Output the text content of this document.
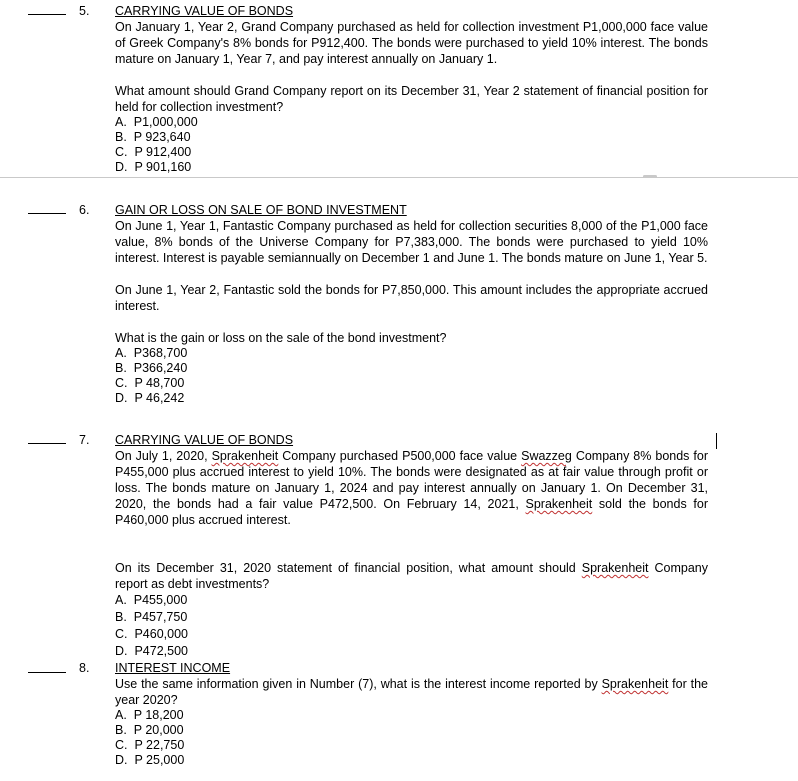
5. CARRYING VALUE OF BONDS
On January 1, Year 2, Grand Company purchased as held for collection investment P1,000,000 face value of Greek Company's 8% bonds for P912,400. The bonds were purchased to yield 10% interest. The bonds mature on January 1, Year 7, and pay interest annually on January 1.
What amount should Grand Company report on its December 31, Year 2 statement of financial position for held for collection investment?
A. P1,000,000
B. P 923,640
C. P 912,400
D. P 901,160
6. GAIN OR LOSS ON SALE OF BOND INVESTMENT
On June 1, Year 1, Fantastic Company purchased as held for collection securities 8,000 of the P1,000 face value, 8% bonds of the Universe Company for P7,383,000. The bonds were purchased to yield 10% interest. Interest is payable semiannually on December 1 and June 1. The bonds mature on June 1, Year 5.
On June 1, Year 2, Fantastic sold the bonds for P7,850,000. This amount includes the appropriate accrued interest.
What is the gain or loss on the sale of the bond investment?
A. P368,700
B. P366,240
C. P 48,700
D. P 46,242
7. CARRYING VALUE OF BONDS
On July 1, 2020, Sprakenheit Company purchased P500,000 face value Swazzeg Company 8% bonds for P455,000 plus accrued interest to yield 10%. The bonds were designated as at fair value through profit or loss. The bonds mature on January 1, 2024 and pay interest annually on January 1. On December 31, 2020, the bonds had a fair value P472,500. On February 14, 2021, Sprakenheit sold the bonds for P460,000 plus accrued interest.
On its December 31, 2020 statement of financial position, what amount should Sprakenheit Company report as debt investments?
A. P455,000
B. P457,750
C. P460,000
D. P472,500
8. INTEREST INCOME
Use the same information given in Number (7), what is the interest income reported by Sprakenheit for the year 2020?
A. P 18,200
B. P 20,000
C. P 22,750
D. P 25,000
